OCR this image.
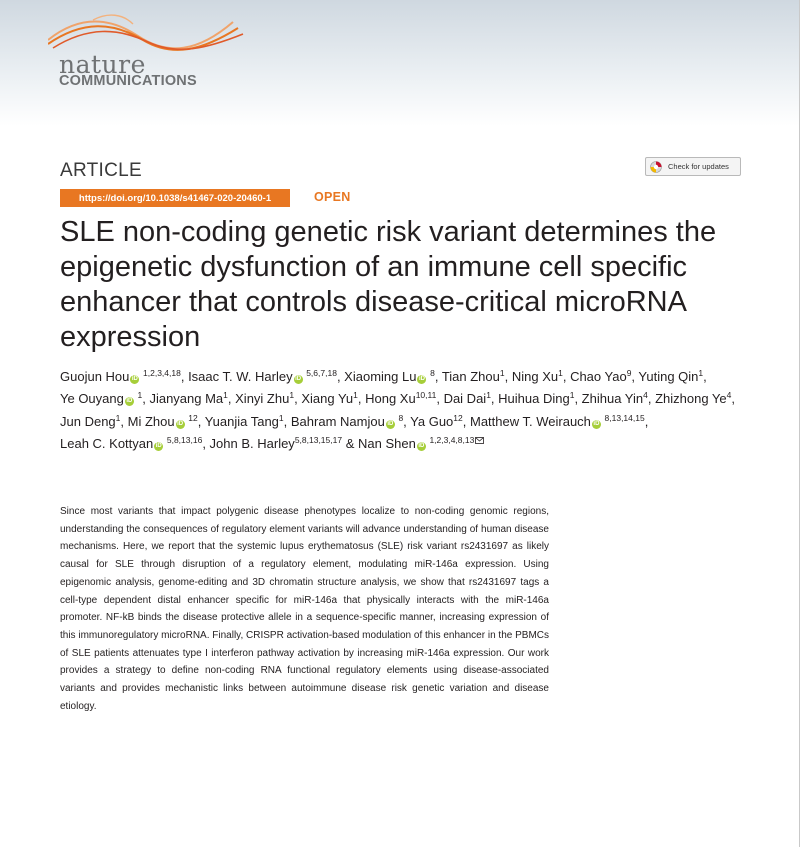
nature
COMMUNICATIONS
ARTICLE	Check for updates
https://doi.org/10.1038/s41467-020-20460-1	OPEN
SLE non-coding genetic risk variant determines the epigenetic dysfunction of an immune cell specific enhancer that controls disease-critical microRNA expression
Guojun HouiD $^{1,2,3,4,18}$, Isaac T. W. HarleyiD $^{5,6,7,18}$, Xiaoming LuiD $^8$, Tian Zhou$^1$, Ning Xu$^1$, Chao Yao$^9$, Yuting Qin$^1$, Ye OuyangiD $^1$, Jianyang Ma$^1$, Xinyi Zhu$^1$, Xiang Yu$^1$, Hong Xu$^{10,11}$, Dai Dai$^1$, Huihua Ding$^1$, Zhihua Yin$^4$, Zhizhong Ye$^4$, Jun Deng$^1$, Mi ZhouiD $^{12}$, Yuanjia Tang$^1$, Bahram NamjouiD $^8$, Ya Guo$^{12}$, Matthew T. WeirauchiD $^{8,13,14,15}$, Leah C. KottyaniD $^{5,8,13,16}$, John B. Harley$^{5,8,13,15,17}$ & Nan SheniD $^{1,2,3,4,8,13}$

Since most variants that impact polygenic disease phenotypes localize to non-coding genomic regions, understanding the consequences of regulatory element variants will advance understanding of human disease mechanisms. Here, we report that the systemic lupus erythematosus (SLE) risk variant rs2431697 as likely causal for SLE through disruption of a regulatory element, modulating miR-146a expression. Using epigenomic analysis, genome-editing and 3D chromatin structure analysis, we show that rs2431697 tags a cell-type dependent distal enhancer specific for miR-146a that physically interacts with the miR-146a promoter. NF-kB binds the disease protective allele in a sequence-specific manner, increasing expression of this immunoregulatory microRNA. Finally, CRISPR activation-based modulation of this enhancer in the PBMCs of SLE patients attenuates type I interferon pathway activation by increasing miR-146a expression. Our work provides a strategy to define non-coding RNA functional regulatory elements using disease-associated variants and provides mechanistic links between autoimmune disease risk genetic variation and disease etiology.
